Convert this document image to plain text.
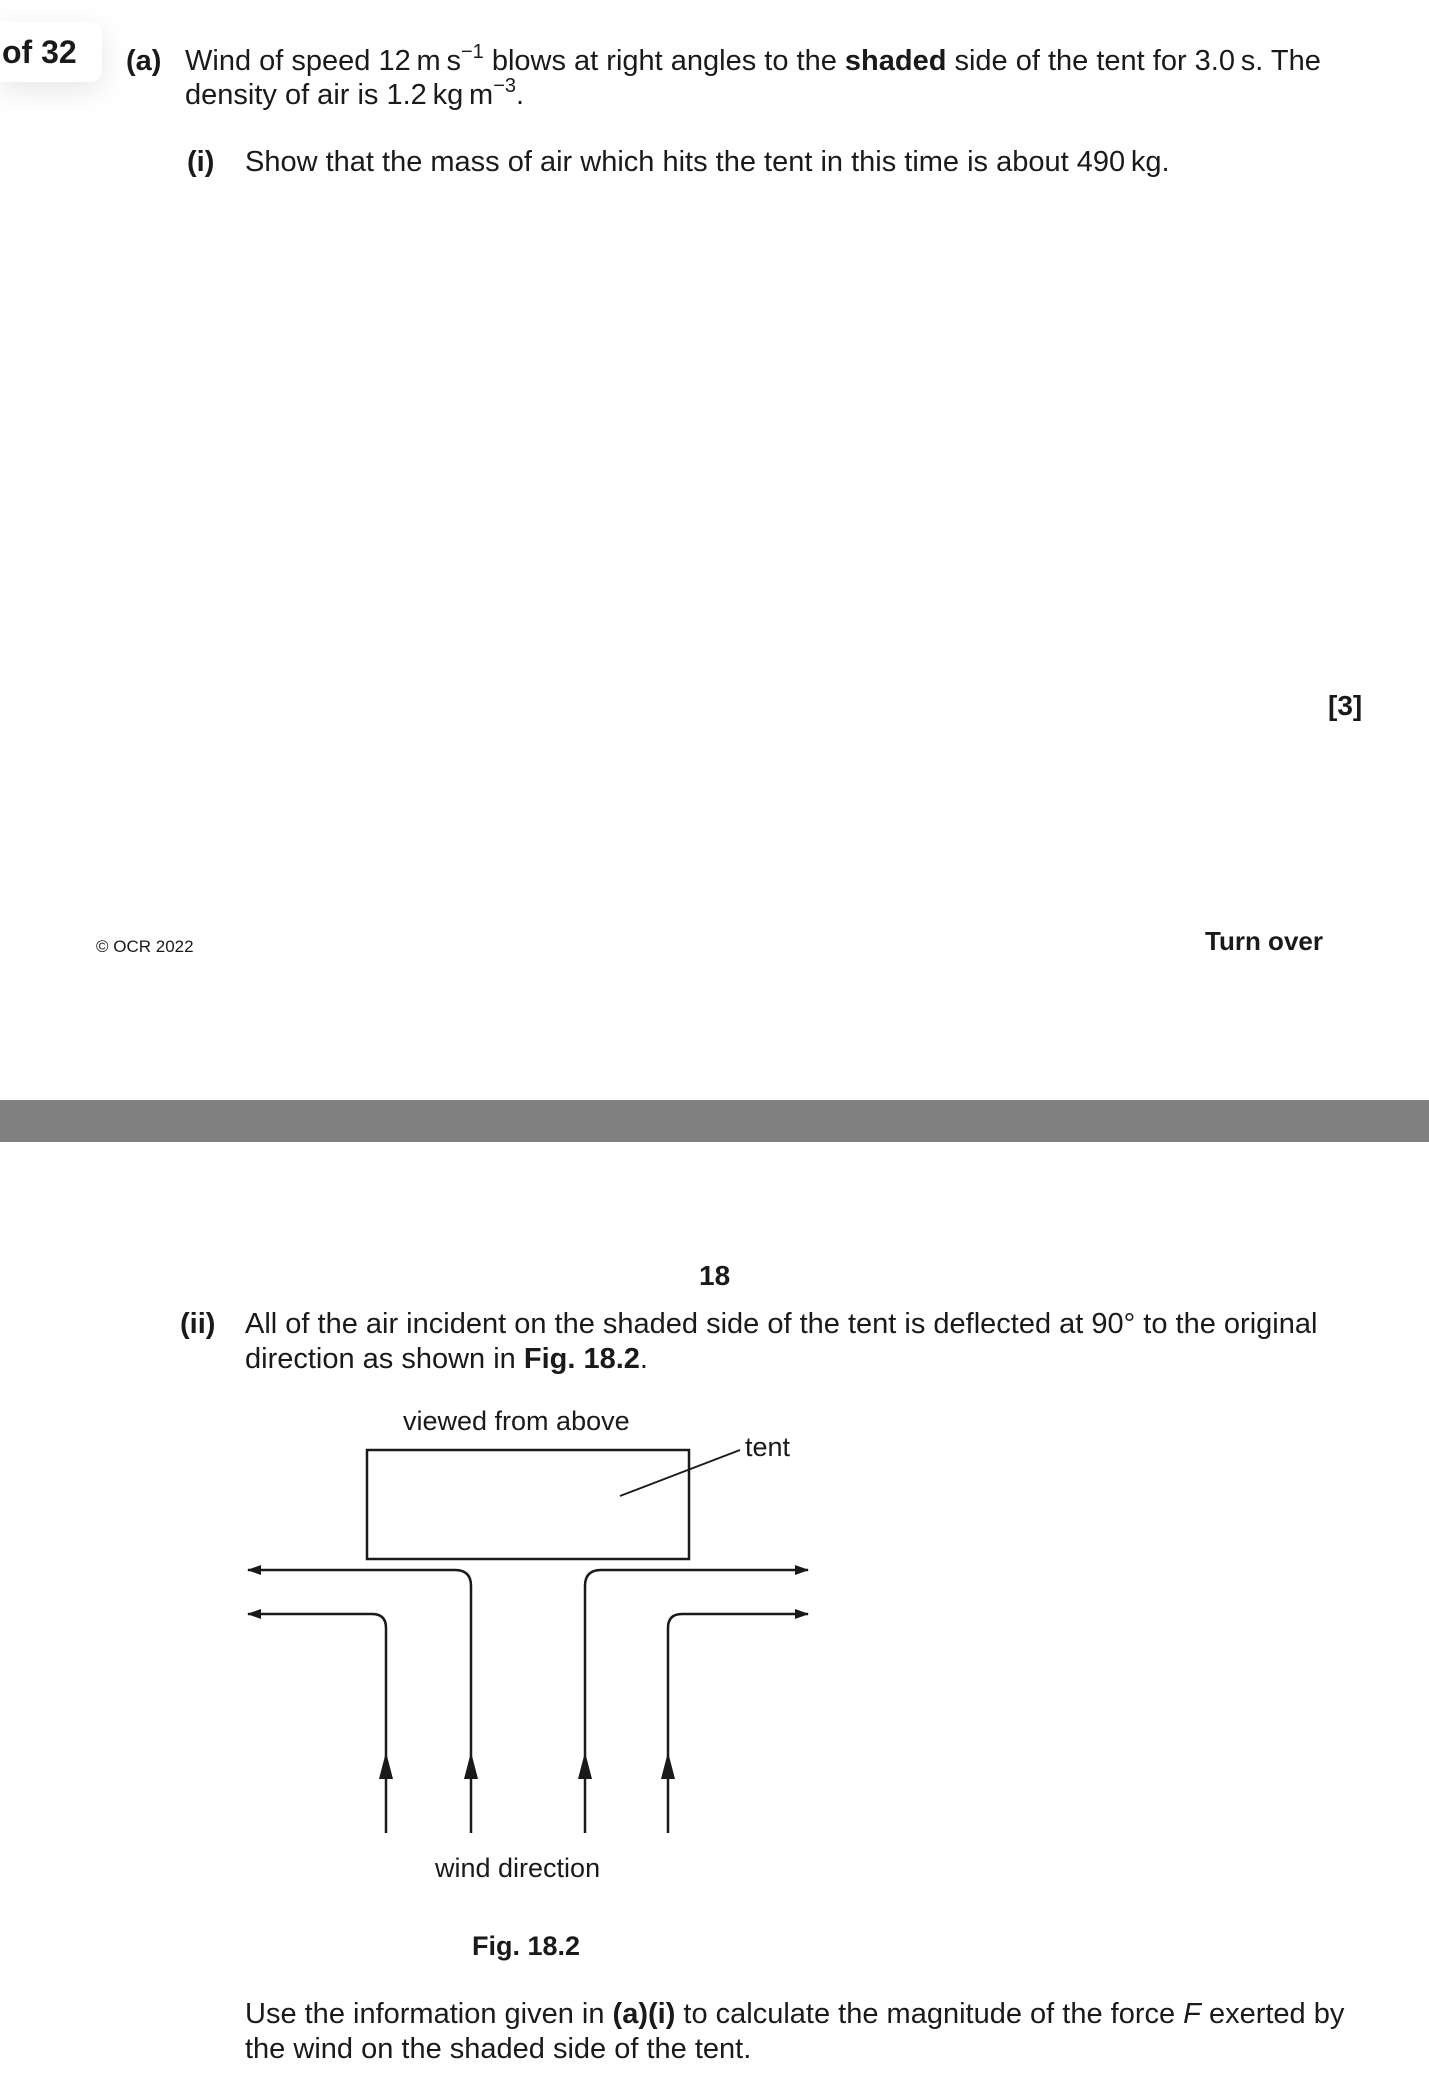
of 32	(a) Wind of speed 12 m $s^{-1}$ blows at right angles to the shaded side of the tent for 3.0 s. The
density of air is 1.2 kg $m^{-3}$.
(i) Show that the mass of air which hits the tent in this time is about 490 kg.
[3]
© OCR 2022	Turn over
18
(ii) All of the air incident on the shaded side of the tent is deflected at 90° to the original
direction as shown in Fig. 18.2.
viewed from above
tent
wind direction
Fig. 18.2
Use the information given in (a)(i) to calculate the magnitude of the force F exerted by
the wind on the shaded side of the tent.
